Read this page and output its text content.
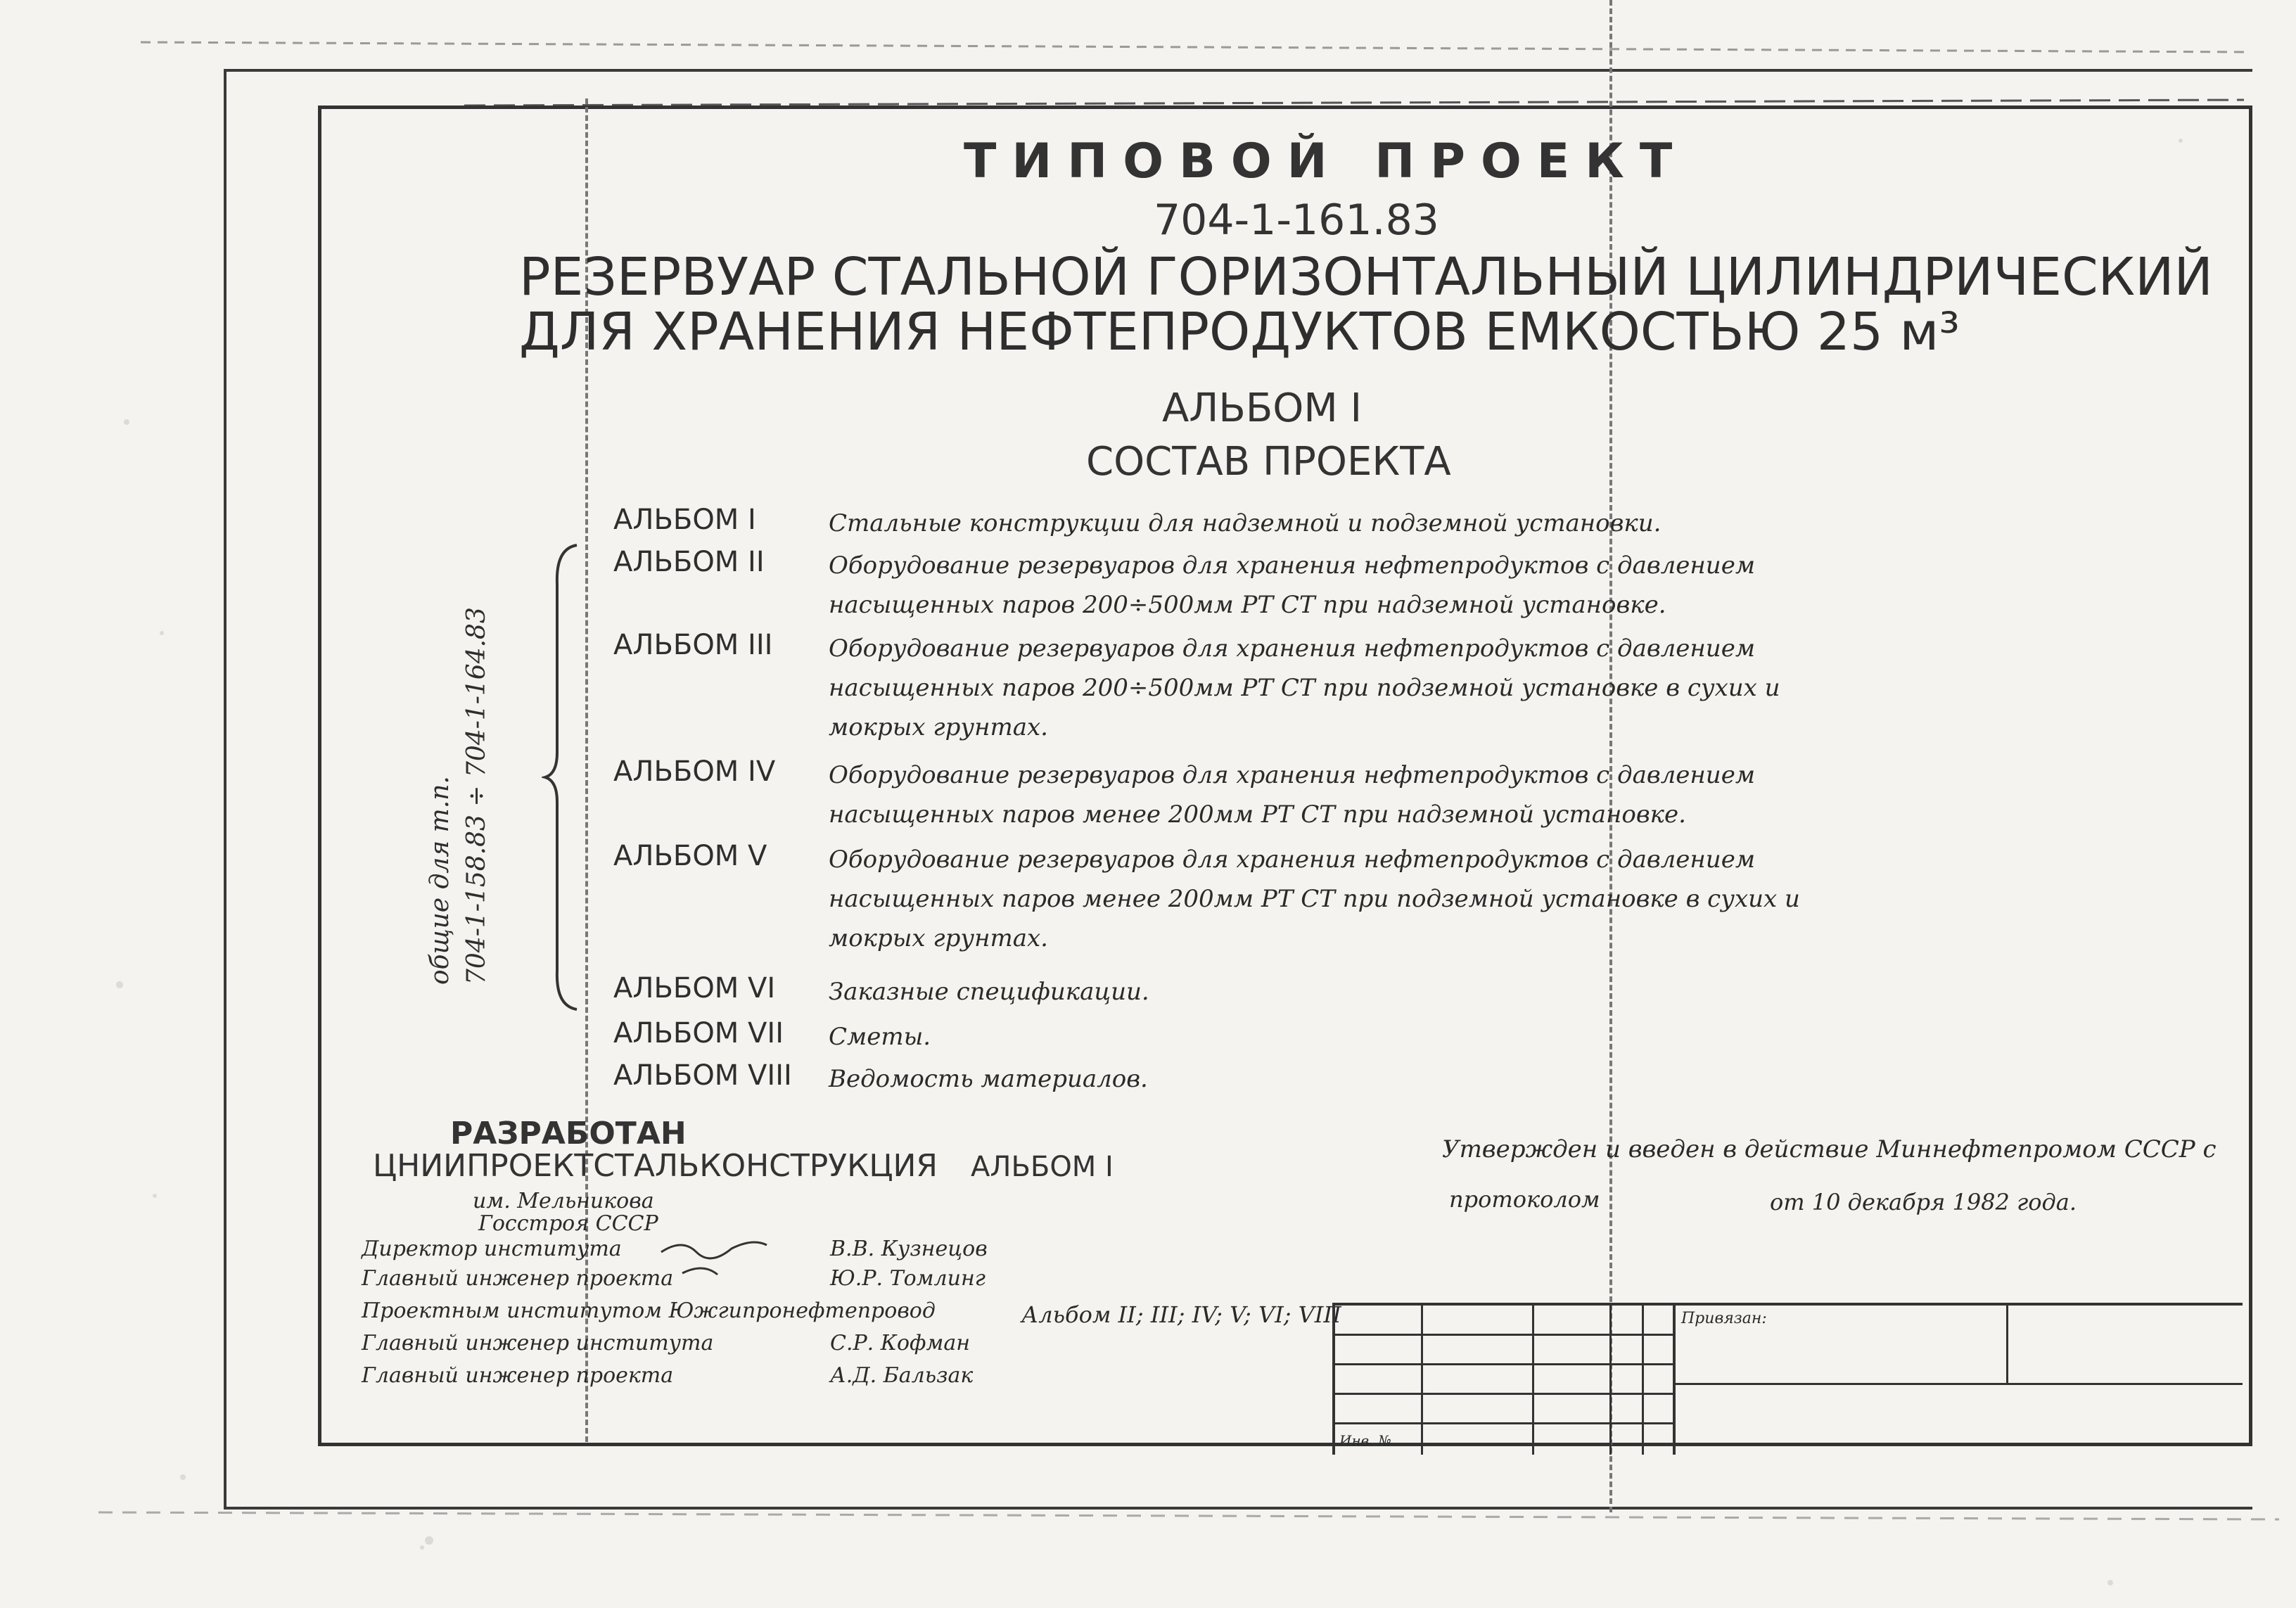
ТИПОВОЙ ПРОЕКТ
704-1-161.83
РЕЗЕРВУАР СТАЛЬНОЙ ГОРИЗОНТАЛЬНЫЙ ЦИЛИНДРИЧЕСКИЙ
ДЛЯ ХРАНЕНИЯ НЕФТЕПРОДУКТОВ ЕМКОСТЬЮ 25 м³
АЛЬБОМ I
СОСТАВ ПРОЕКТА
АЛЬБОМ I	Стальные конструкции для надземной и подземной установки.
АЛЬБОМ II	Оборудование резервуаров для хранения нефтепродуктов с давлением насыщенных паров 200÷500мм РТ СТ при надземной установке.
АЛЬБОМ III Оборудование резервуаров для хранения нефтепродуктов с давлением насыщенных паров 200÷500мм РТ СТ при подземной установке в сухих и мокрых грунтах.
АЛЬБОМ IV Оборудование резервуаров для хранения нефтепродуктов с давлением насыщенных паров менее 200мм РТ СТ при надземной установке.
АЛЬБОМ V	Оборудование резервуаров для хранения нефтепродуктов с давлением насыщенных паров менее 200мм РТ СТ при подземной установке в сухих и мокрых грунтах.
АЛЬБОМ VI Заказные спецификации.
АЛЬБОМ VII Сметы.
АЛЬБОМ VIII Ведомость материалов.
общие для т.п. 704-1-158.83 ÷ 704-1-164.83
РАЗРАБОТАН
ЦНИИПРОЕКТСТАЛЬКОНСТРУКЦИЯ АЛЬБОМ I
им. Мельникова
Госстроя СССР
Директор института	В.В. Кузнецов
Главный инженер проекта	Ю.Р. Томлинг
Проектным институтом Южгипронефтепровод	Альбом II; III; IV; V; VI; VIII
Главный инженер института	С.Р. Кофман
Главный инженер проекта	А.Д. Бальзак
Утвержден и введен в действие Миннефтепромом СССР с
протоколом	от 10 декабря 1982 года.
Инв. №
Привязан:
